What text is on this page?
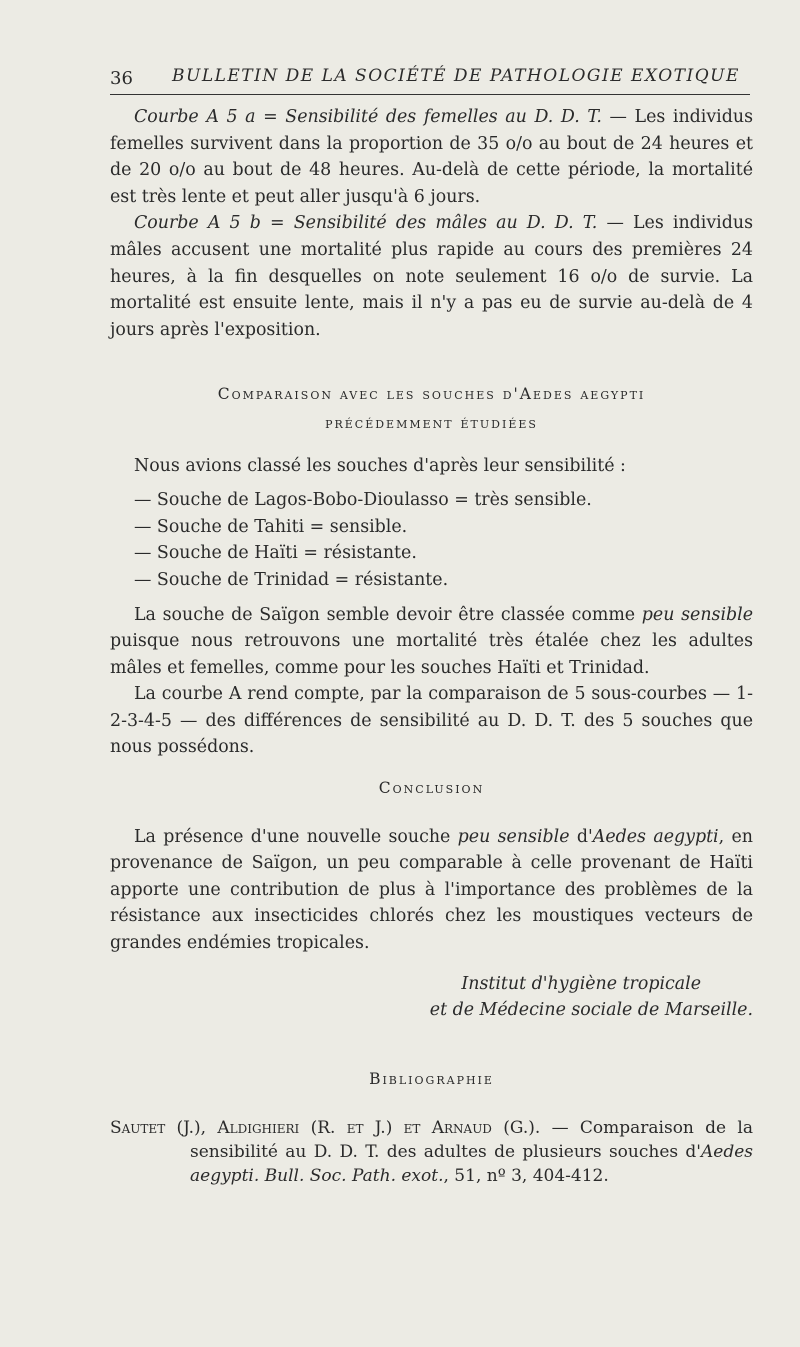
36 BULLETIN DE LA SOCIÉTÉ DE PATHOLOGIE EXOTIQUE

Courbe A 5 a = Sensibilité des femelles au D. D. T. — Les individus femelles survivent dans la proportion de 35 o/o au bout de 24 heures et de 20 o/o au bout de 48 heures. Au-delà de cette période, la mortalité est très lente et peut aller jusqu'à 6 jours.

Courbe A 5 b = Sensibilité des mâles au D. D. T. — Les individus mâles accusent une mortalité plus rapide au cours des premières 24 heures, à la fin desquelles on note seulement 16 o/o de survie. La mortalité est ensuite lente, mais il n'y a pas eu de survie au-delà de 4 jours après l'exposition.

Comparaison avec les souches d'Aedes aegypti

précédemment étudiées

Nous avions classé les souches d'après leur sensibilité :

— Souche de Lagos-Bobo-Dioulasso = très sensible.

— Souche de Tahiti = sensible.

— Souche de Haïti = résistante.

— Souche de Trinidad = résistante.

La souche de Saïgon semble devoir être classée comme peu sensible puisque nous retrouvons une mortalité très étalée chez les adultes mâles et femelles, comme pour les souches Haïti et Trinidad.

La courbe A rend compte, par la comparaison de 5 sous-courbes — 1-2-3-4-5 — des différences de sensibilité au D. D. T. des 5 souches que nous possédons.

Conclusion

La présence d'une nouvelle souche peu sensible d'Aedes aegypti, en provenance de Saïgon, un peu comparable à celle provenant de Haïti apporte une contribution de plus à l'importance des problèmes de la résistance aux insecticides chlorés chez les moustiques vecteurs de grandes endémies tropicales.

Institut d'hygiène tropicale

et de Médecine sociale de Marseille.

Bibliographie

Sautet (J.), Aldighieri (R. et J.) et Arnaud (G.). — Comparaison de la sensibilité au D. D. T. des adultes de plusieurs souches d'Aedes aegypti. Bull. Soc. Path. exot., 51, nº 3, 404-412.
